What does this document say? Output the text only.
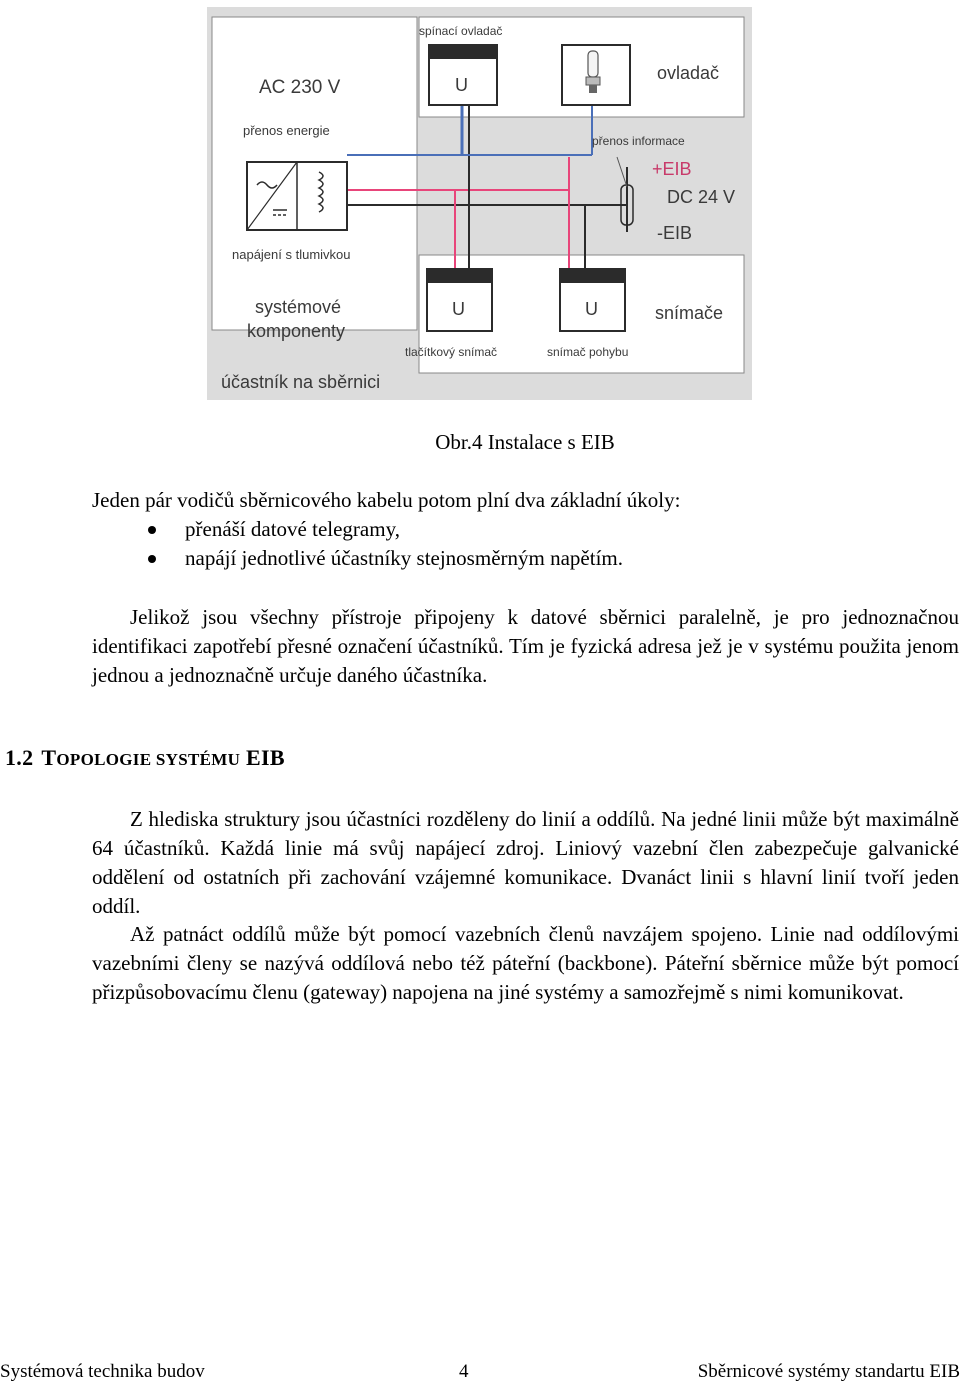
spínací ovladač
ovladač
AC 230 V
přenos energie
přenos informace
+EIB
DC 24 V
-EIB
napájení s tlumivkou
systémové
komponenty
snímače
tlačítkový snímač	snímač pohybu
účastník na sběrnici
U
U	U
Obr.4 Instalace s EIB
Jeden pár vodičů sběrnicového kabelu potom plní dva základní úkoly:
přenáší datové telegramy,
napájí jednotlivé účastníky stejnosměrným napětím.
Jelikož jsou všechny přístroje připojeny k datové sběrnici paralelně, je pro jednoznačnou identifikaci zapotřebí přesné označení účastníků. Tím je fyzická adresa jež je v systému použita jenom jednou a jednoznačně určuje daného účastníka.
1.2 TOPOLOGIE SYSTÉMU EIB
Z hlediska struktury jsou účastníci rozděleny do linií a oddílů. Na jedné linii může být maximálně 64 účastníků. Každá linie má svůj napájecí zdroj. Liniový vazební člen zabezpečuje galvanické oddělení od ostatních při zachování vzájemné komunikace. Dvanáct linii s hlavní linií tvoří jeden oddíl.
Až patnáct oddílů může být pomocí vazebních členů navzájem spojeno. Linie nad oddílovými vazebními členy se nazývá oddílová nebo též páteřní (backbone). Páteřní sběrnice může být pomocí přizpůsobovacímu členu (gateway) napojena na jiné systémy a samozřejmě s nimi komunikovat.
Systémová technika budov	4	Sběrnicové systémy standartu EIB
